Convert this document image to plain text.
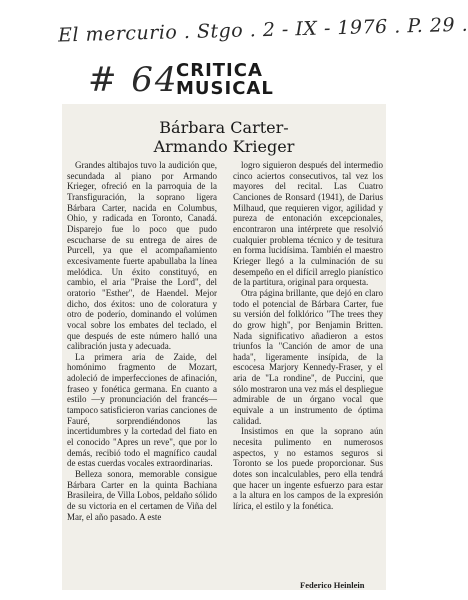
El mercurio . Stgo . 2 - IX - 1976 . P. 29 .
# 64
CRITICA
MUSICAL
Bárbara Carter-
Armando Krieger

Grandes altibajos tuvo la audición que, secundada al piano por Armando Krieger, ofreció en la parroquia de la Transfiguración, la soprano ligera Bárbara Carter, nacida en Columbus, Ohio, y radicada en Toronto, Canadá. Disparejo fue lo poco que pudo escucharse de su entrega de aires de Purcell, ya que el acompañamiento excesivamente fuerte apabullaba la línea melódica. Un éxito constituyó, en cambio, el aria "Praise the Lord", del oratorio "Esther", de Haendel. Mejor dicho, dos éxitos: uno de coloratura y otro de poderío, dominando el volúmen vocal sobre los embates del teclado, el que después de este número halló una calibración justa y adecuada.

La primera aria de Zaide, del homónimo fragmento de Mozart, adoleció de imperfecciones de afinación, fraseo y fonética germana. En cuanto a estilo —y pronunciación del francés— tampoco satisficieron varias canciones de Fauré, sorprendiéndonos las incertidumbres y la cortedad del fiato en el conocido "Apres un reve", que por lo demás, recibió todo el magnífico caudal de estas cuerdas vocales extraordinarias.

Belleza sonora, memorable consigue Bárbara Carter en la quinta Bachiana Brasileira, de Villa Lobos, peldaño sólido de su victoria en el certamen de Viña del Mar, el año pasado. A este

logro siguieron después del intermedio cinco aciertos consecutivos, tal vez los mayores del recital. Las Cuatro Canciones de Ronsard (1941), de Darius Milhaud, que requieren vigor, agilidad y pureza de entonación excepcionales, encontraron una intérprete que resolvió cualquier problema técnico y de tesitura en forma lucidísima. También el maestro Krieger llegó a la culminación de su desempeño en el difícil arreglo pianístico de la partitura, original para orquesta.

Otra página brillante, que dejó en claro todo el potencial de Bárbara Carter, fue su versión del folklórico "The trees they do grow high", por Benjamin Britten. Nada significativo añadieron a estos triunfos la "Canción de amor de una hada", ligeramente insípida, de la escocesa Marjory Kennedy-Fraser, y el aria de "La rondine", de Puccini, que sólo mostraron una vez más el despliegue admirable de un órgano vocal que equivale a un instrumento de óptima calidad.

Insistimos en que la soprano aún necesita pulimento en numerosos aspectos, y no estamos seguros si Toronto se los puede proporcionar. Sus dotes son incalculables, pero ella tendrá que hacer un ingente esfuerzo para estar a la altura en los campos de la expresión lírica, el estilo y la fonética.

Federico Heinlein
